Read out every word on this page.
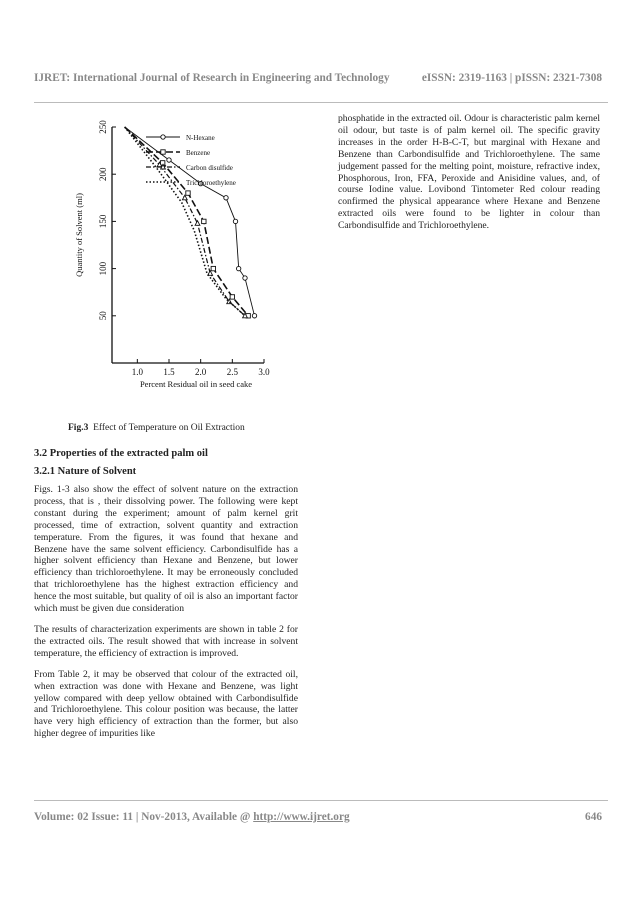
IJRET: International Journal of Research in Engineering and Technology	eISSN: 2319-1163 | pISSN: 2321-7308
1.0 1.5 2.0 2.5 3.0
50
100
150
200
250
Percent Residual oil in seed cake
Quantity of Solvent (ml)
N-Hexane
Benzene
Carbon disulfide
Trichloroethylene
Fig.3 Effect of Temperature on Oil Extraction
3.2 Properties of the extracted palm oil
3.2.1 Nature of Solvent

Figs. 1-3 also show the effect of solvent nature on the extraction process, that is , their dissolving power. The following were kept constant during the experiment; amount of palm kernel grit processed, time of extraction, solvent quantity and extraction temperature. From the figures, it was found that hexane and Benzene have the same solvent efficiency. Carbondisulfide has a higher solvent efficiency than Hexane and Benzene, but lower efficiency than trichloroethylene. It may be erroneously concluded that trichloroethylene has the highest extraction efficiency and hence the most suitable, but quality of oil is also an important factor which must be given due consideration

The results of characterization experiments are shown in table 2 for the extracted oils. The result showed that with increase in solvent temperature, the efficiency of extraction is improved.

From Table 2, it may be observed that colour of the extracted oil, when extraction was done with Hexane and Benzene, was light yellow compared with deep yellow obtained with Carbondisulfide and Trichloroethylene. This colour position was because, the latter have very high efficiency of extraction than the former, but also higher degree of impurities like

phosphatide in the extracted oil. Odour is characteristic palm kernel oil odour, but taste is of palm kernel oil. The specific gravity increases in the order H-B-C-T, but marginal with Hexane and Benzene than Carbondisulfide and Trichloroethylene. The same judgement passed for the melting point, moisture, refractive index, Phosphorous, Iron, FFA, Peroxide and Anisidine values, and, of course Iodine value. Lovibond Tintometer Red colour reading confirmed the physical appearance where Hexane and Benzene extracted oils were found to be lighter in colour than Carbondisulfide and Trichloroethylene.

Volume: 02 Issue: 11 | Nov-2013, Available @ http://www.ijret.org	646
